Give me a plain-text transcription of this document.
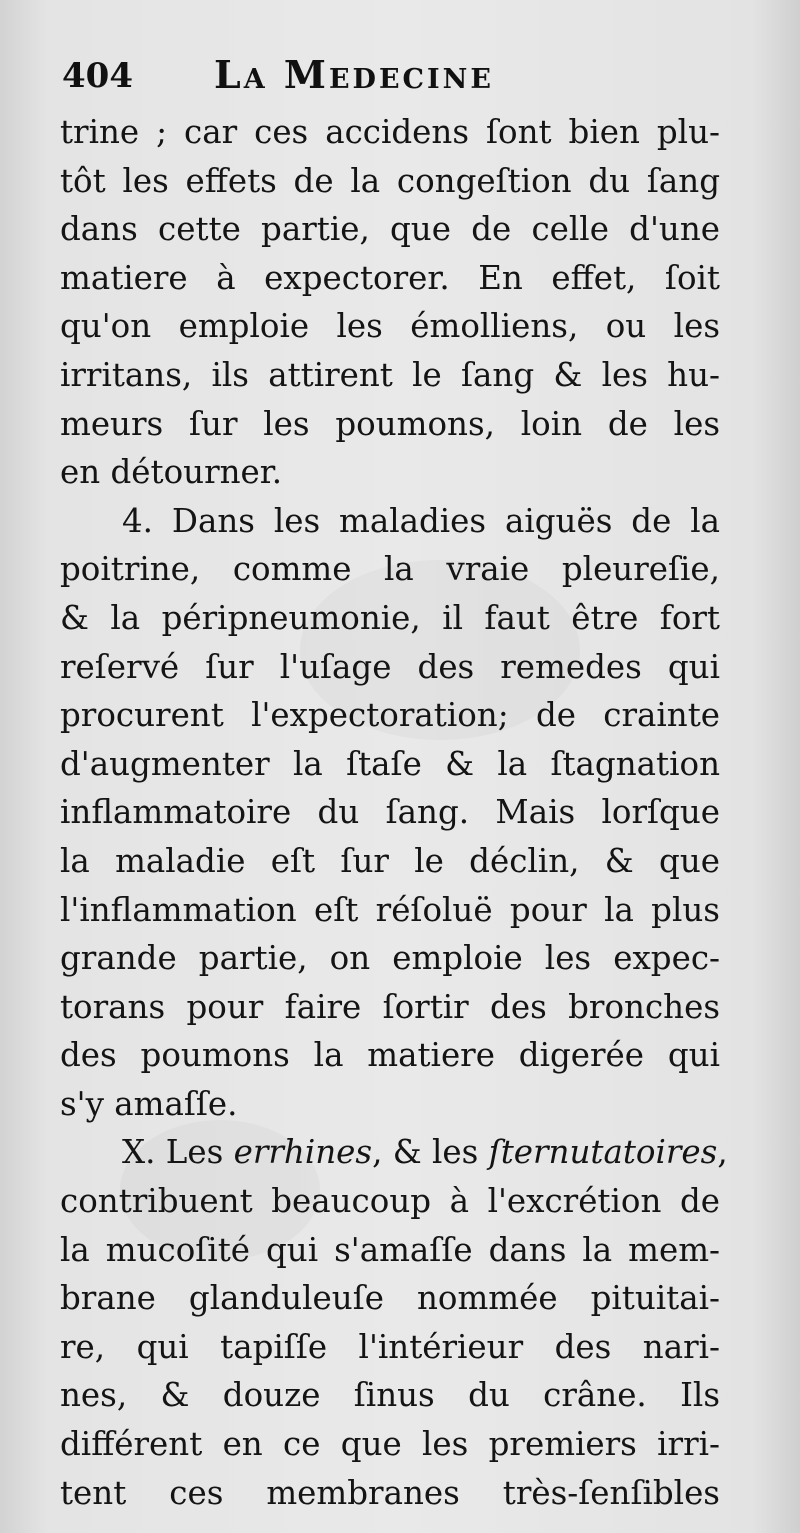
404 La Medecine
trine ; car ces accidens ſont bien plu-
tôt les effets de la congeſtion du ſang
dans cette partie, que de celle d'une
matiere à expectorer. En effet, ſoit
qu'on emploie les émolliens, ou les
irritans, ils attirent le ſang & les hu-
meurs ſur les poumons, loin de les
en détourner.
4. Dans les maladies aiguës de la
poitrine, comme la vraie pleureſie,
& la péripneumonie, il faut être fort
reſervé ſur l'uſage des remedes qui
procurent l'expectoration; de crainte
d'augmenter la ſtaſe & la ſtagnation
inflammatoire du ſang. Mais lorſque
la maladie eſt ſur le déclin, & que
l'inflammation eſt réſoluë pour la plus
grande partie, on emploie les expec-
torans pour faire ſortir des bronches
des poumons la matiere digerée qui
s'y amaſſe.
X. Les errhines, & les ſternutatoires,
contribuent beaucoup à l'excrétion de
la mucoſité qui s'amaſſe dans la mem-
brane glanduleuſe nommée pituitai-
re, qui tapiſſe l'intérieur des nari-
nes, & douze ſinus du crâne. Ils
différent en ce que les premiers irri-
tent ces membranes très-ſenſibles
